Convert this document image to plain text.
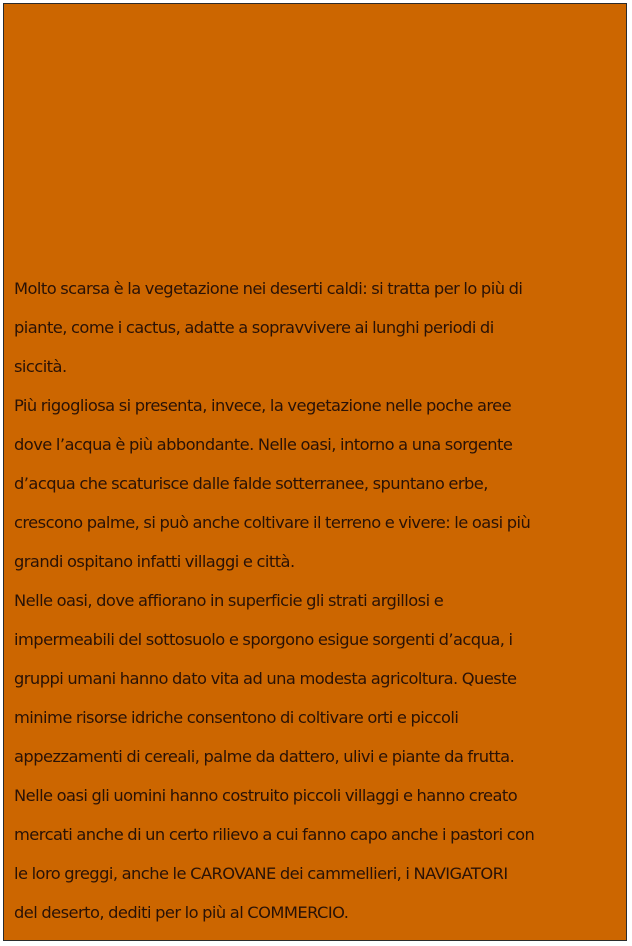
Molto scarsa è la vegetazione nei deserti caldi: si tratta per lo più di
piante, come i cactus, adatte a sopravvivere ai lunghi periodi di
siccità.
Più rigogliosa si presenta, invece, la vegetazione nelle poche aree
dove l’acqua è più abbondante. Nelle oasi, intorno a una sorgente
d’acqua che scaturisce dalle falde sotterranee, spuntano erbe,
crescono palme, si può anche coltivare il terreno e vivere: le oasi più
grandi ospitano infatti villaggi e città.
Nelle oasi, dove affiorano in superficie gli strati argillosi e
impermeabili del sottosuolo e sporgono esigue sorgenti d’acqua, i
gruppi umani hanno dato vita ad una modesta agricoltura. Queste
minime risorse idriche consentono di coltivare orti e piccoli
appezzamenti di cereali, palme da dattero, ulivi e piante da frutta.
Nelle oasi gli uomini hanno costruito piccoli villaggi e hanno creato
mercati anche di un certo rilievo a cui fanno capo anche i pastori con
le loro greggi, anche le CAROVANE dei cammellieri, i NAVIGATORI
del deserto, dediti per lo più al COMMERCIO.
